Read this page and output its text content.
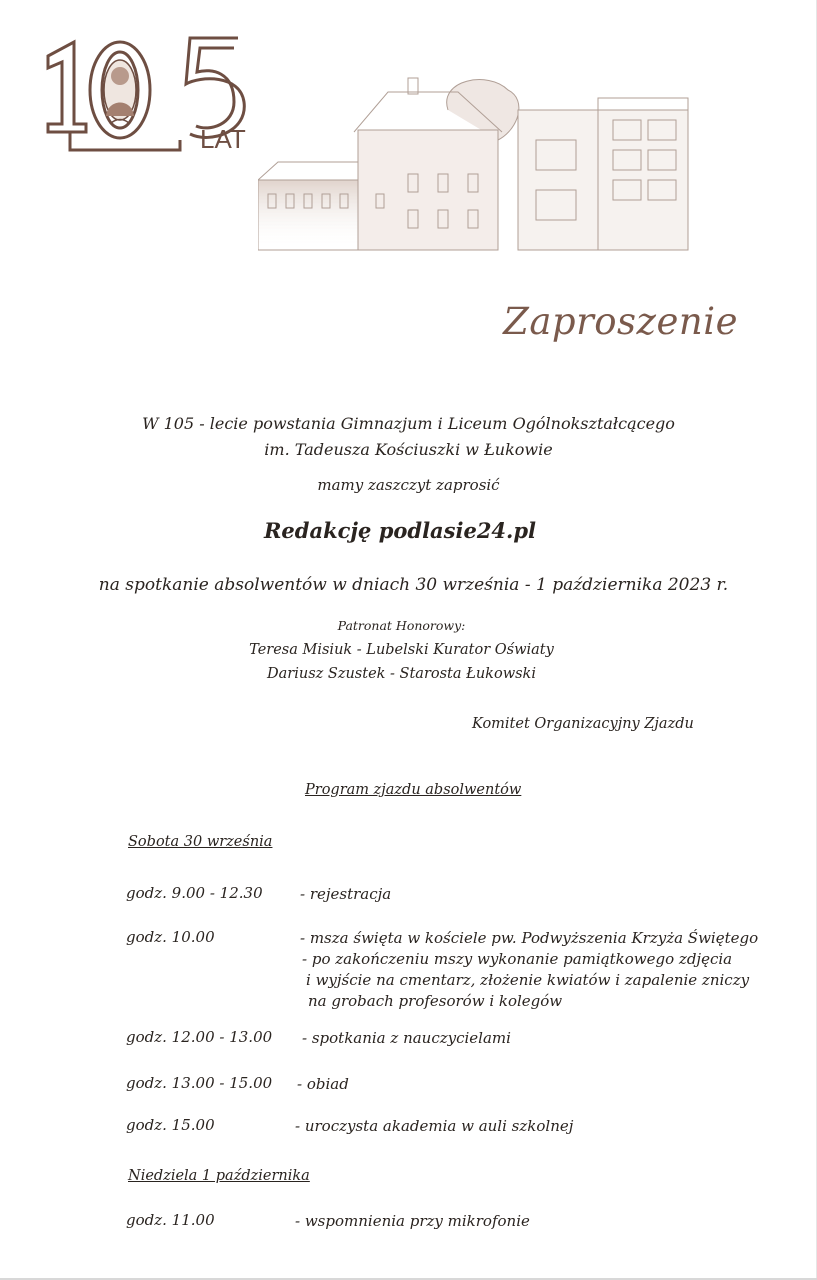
LAT
Zaproszenie
W 105 - lecie powstania Gimnazjum i Liceum Ogólnokształcącego
im. Tadeusza Kościuszki w Łukowie
mamy zaszczyt zaprosić
Redakcję podlasie24.pl
na spotkanie absolwentów w dniach 30 września - 1 października 2023 r.
Patronat Honorowy:
Teresa Misiuk - Lubelski Kurator Oświaty
Dariusz Szustek - Starosta Łukowski
Komitet Organizacyjny Zjazdu
Program zjazdu absolwentów
Sobota 30 września
godz. 9.00 - 12.30 - rejestracja
godz. 10.00	- msza święta w kościele pw. Podwyższenia Krzyża Świętego
- po zakończeniu mszy wykonanie pamiątkowego zdjęcia
i wyjście na cmentarz, złożenie kwiatów i zapalenie zniczy
na grobach profesorów i kolegów
godz. 12.00 - 13.00 - spotkania z nauczycielami
godz. 13.00 - 15.00 - obiad
godz. 15.00	- uroczysta akademia w auli szkolnej
Niedziela 1 października
godz. 11.00	- wspomnienia przy mikrofonie
